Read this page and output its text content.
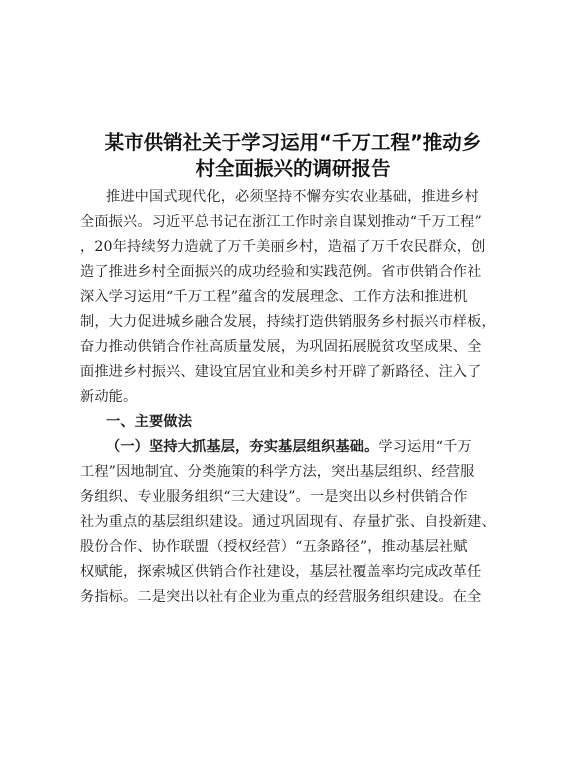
某市供销社关于学习运用“千万工程”推动乡
村全面振兴的调研报告
推进中国式现代化，必须坚持不懈夯实农业基础，推进乡村
全面振兴。习近平总书记在浙江工作时亲自谋划推动“千万工程”
，20年持续努力造就了万千美丽乡村，造福了万千农民群众，创
造了推进乡村全面振兴的成功经验和实践范例。省市供销合作社
深入学习运用“千万工程”蕴含的发展理念、工作方法和推进机
制，大力促进城乡融合发展，持续打造供销服务乡村振兴市样板，
奋力推动供销合作社高质量发展，为巩固拓展脱贫攻坚成果、全
面推进乡村振兴、建设宜居宜业和美乡村开辟了新路径、注入了
新动能。
一、主要做法
（一）坚持大抓基层，夯实基层组织基础。学习运用“千万
工程”因地制宜、分类施策的科学方法，突出基层组织、经营服
务组织、专业服务组织“三大建设”。一是突出以乡村供销合作
社为重点的基层组织建设。通过巩固现有、存量扩张、自投新建、
股份合作、协作联盟（授权经营）“五条路径”，推动基层社赋
权赋能，探索城区供销合作社建设，基层社覆盖率均完成改革任
务指标。二是突出以社有企业为重点的经营服务组织建设。在全
